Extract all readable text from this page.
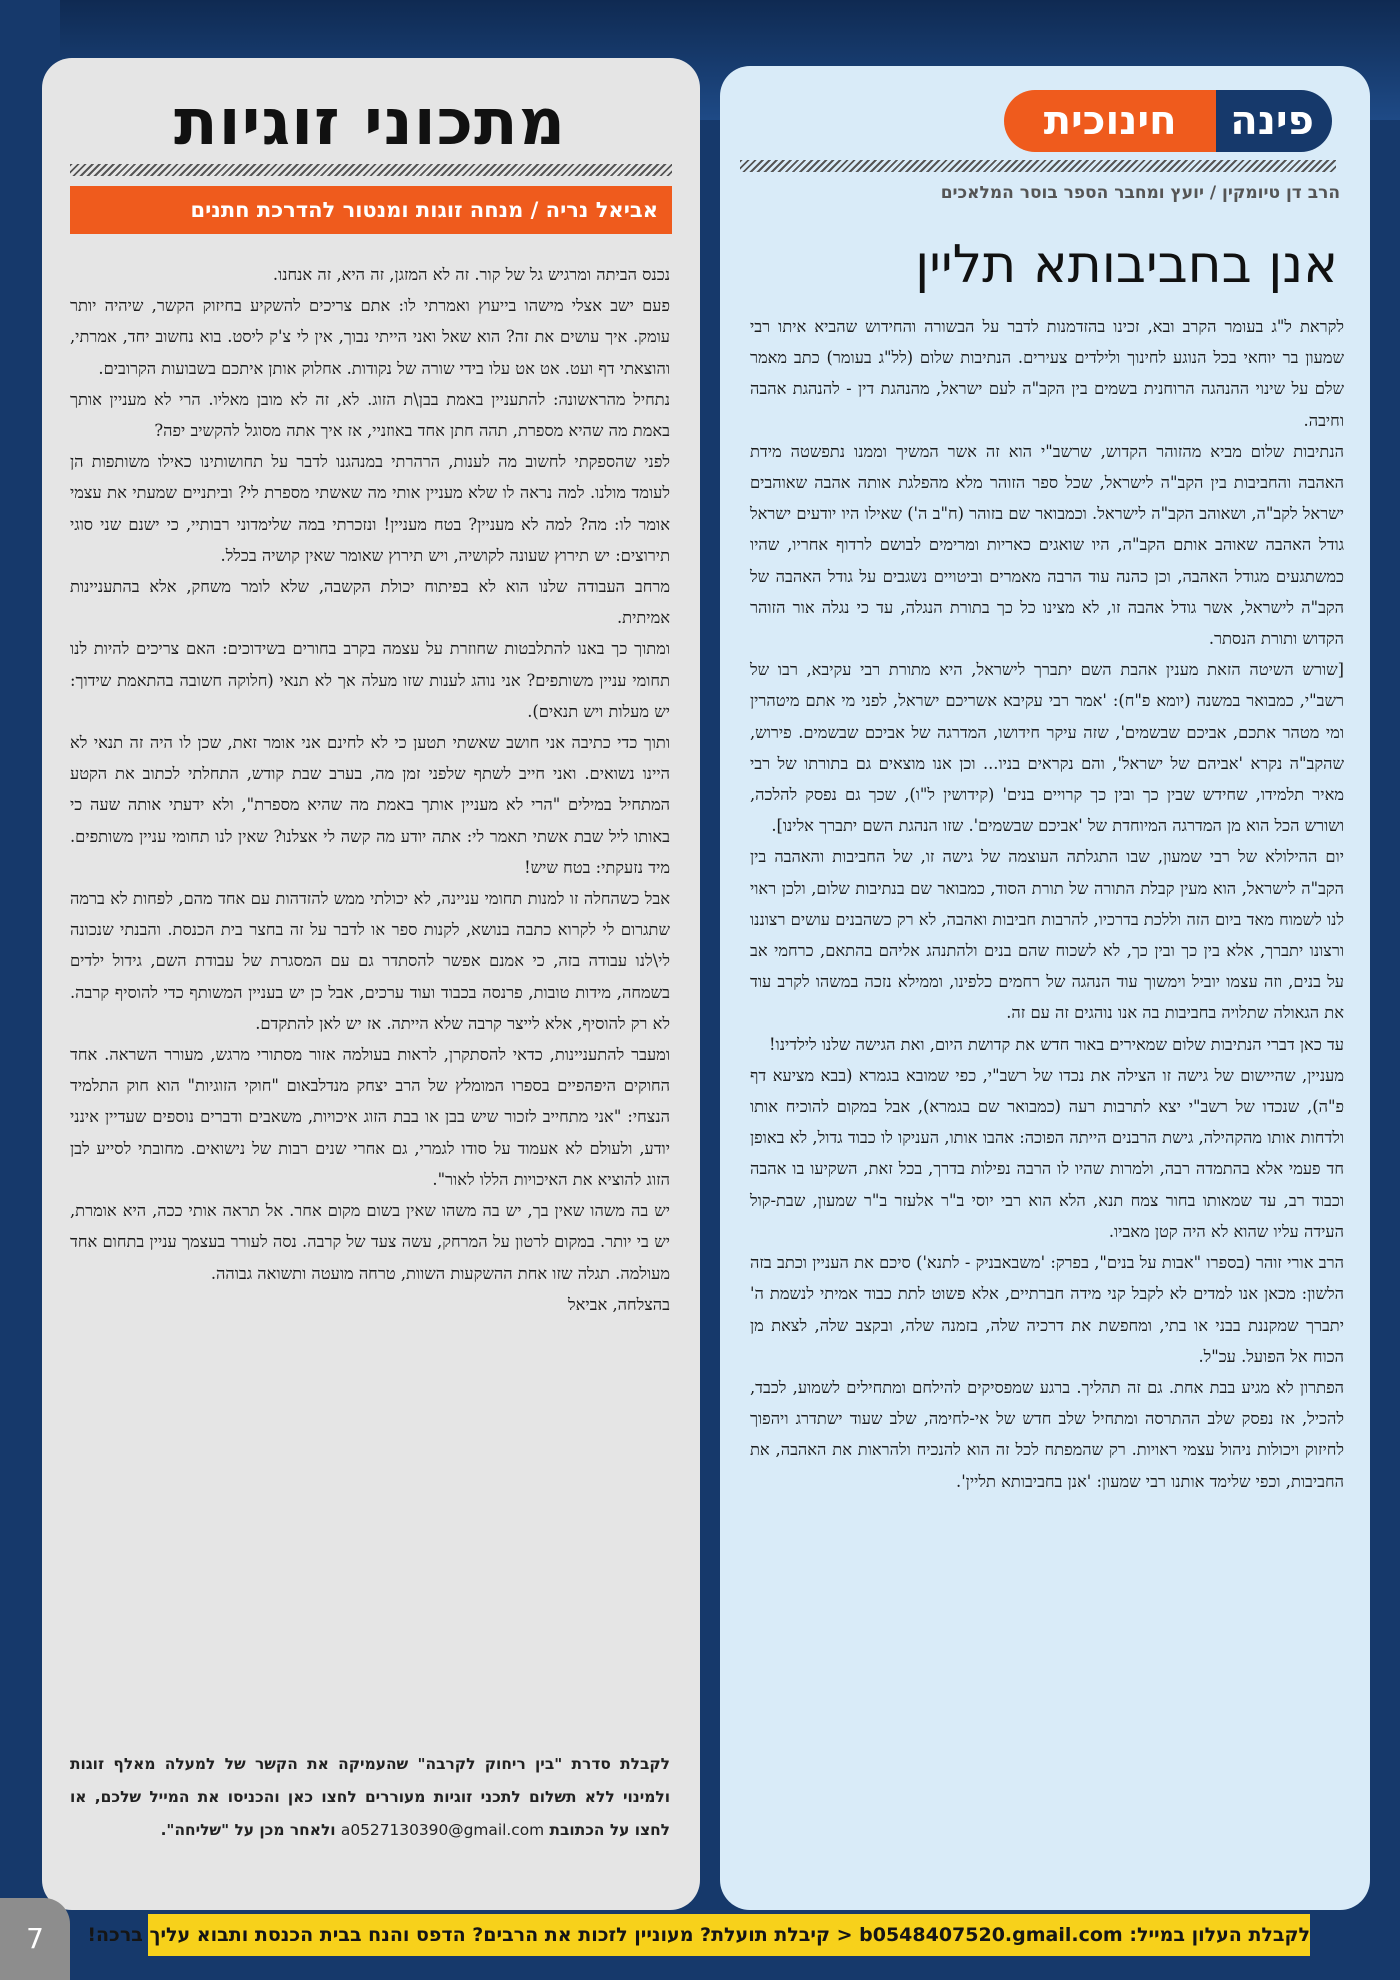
פינה
חינוכית
הרב דן טיומקין / יועץ ומחבר הספר בוסר המלאכים
אנן בחביבותא תליין

לקראת ל"ג בעומר הקרב ובא, זכינו בהזדמנות לדבר על הבשורה והחידוש שהביא איתו רבי שמעון בר יוחאי בכל הנוגע לחינוך ולילדים צעירים. הנתיבות שלום (לל"ג בעומר) כתב מאמר שלם על שינוי ההנהגה הרוחנית בשמים בין הקב"ה לעם ישראל, מהנהגת דין - להנהגת אהבה וחיבה.

הנתיבות שלום מביא מהזוהר הקדוש, שרשב"י הוא זה אשר המשיך וממנו נתפשטה מידת האהבה והחביבות בין הקב"ה לישראל, שכל ספר הזוהר מלא מהפלגת אותה אהבה שאוהבים ישראל לקב"ה, ושאוהב הקב"ה לישראל. וכמבואר שם בזוהר (ח"ב ה') שאילו היו יודעים ישראל גודל האהבה שאוהב אותם הקב"ה, היו שואגים כאריות ומרימים לבושם לרדוף אחריו, שהיו כמשתגעים מגודל האהבה, וכן כהנה עוד הרבה מאמרים וביטויים נשגבים על גודל האהבה של הקב"ה לישראל, אשר גודל אהבה זו, לא מצינו כל כך בתורת הנגלה, עד כי נגלה אור הזוהר הקדוש ותורת הנסתר.

[שורש השיטה הזאת מענין אהבת השם יתברך לישראל, היא מתורת רבי עקיבא, רבו של רשב"י, כמבואר במשנה (יומא פ"ח): 'אמר רבי עקיבא אשריכם ישראל, לפני מי אתם מיטהרין ומי מטהר אתכם, אביכם שבשמים', שזה עיקר חידושו, המדרגה של אביכם שבשמים. פירוש, שהקב"ה נקרא 'אביהם של ישראל', והם נקראים בניו... וכן אנו מוצאים גם בתורתו של רבי מאיר תלמידו, שחידש שבין כך ובין כך קרויים בנים' (קידושין ל"ו), שכך גם נפסק להלכה, ושורש הכל הוא מן המדרגה המיוחדת של 'אביכם שבשמים'. שזו הנהגת השם יתברך אלינו].

יום ההילולא של רבי שמעון, שבו התגלתה העוצמה של גישה זו, של החביבות והאהבה בין הקב"ה לישראל, הוא מעין קבלת התורה של תורת הסוד, כמבואר שם בנתיבות שלום, ולכן ראוי לנו לשמוח מאד ביום הזה וללכת בדרכיו, להרבות חביבות ואהבה, לא רק כשהבנים עושים רצוננו ורצונו יתברך, אלא בין כך ובין כך, לא לשכוח שהם בנים ולהתנהג אליהם בהתאם, כרחמי אב על בנים, וזה עצמו יוביל וימשוך עוד הנהגה של רחמים כלפינו, וממילא נזכה במשהו לקרב עוד את הגאולה שתלויה בחביבות בה אנו נוהגים זה עם זה.

עד כאן דברי הנתיבות שלום שמאירים באור חדש את קדושת היום, ואת הגישה שלנו לילדינו!

מעניין, שהיישום של גישה זו הצילה את נכדו של רשב"י, כפי שמובא בגמרא (בבא מציעא דף פ"ה), שנכדו של רשב"י יצא לתרבות רעה (כמבואר שם בגמרא), אבל במקום להוכיח אותו ולדחות אותו מהקהילה, גישת הרבנים הייתה הפוכה: אהבו אותו, העניקו לו כבוד גדול, לא באופן חד פעמי אלא בהתמדה רבה, ולמרות שהיו לו הרבה נפילות בדרך, בכל זאת, השקיעו בו אהבה וכבוד רב, עד שמאותו בחור צמח תנא, הלא הוא רבי יוסי ב"ר אלעזר ב"ר שמעון, שבת-קול העידה עליו שהוא לא היה קטן מאביו.

הרב אורי זוהר (בספרו "אבות על בנים", בפרק: 'משבאבניק - לתנא') סיכם את העניין וכתב בזה הלשון: מכאן אנו למדים לא לקבל קני מידה חברתיים, אלא פשוט לתת כבוד אמיתי לנשמת ה' יתברך שמקננת בבני או בתי, ומחפשת את דרכיה שלה, בזמנה שלה, ובקצב שלה, לצאת מן הכוח אל הפועל. עכ"ל.

הפתרון לא מגיע בבת אחת. גם זה תהליך. ברגע שמפסיקים להילחם ומתחילים לשמוע, לכבד, להכיל, אז נפסק שלב ההתרסה ומתחיל שלב חדש של אי-לחימה, שלב שעוד ישתדרג ויהפוך לחיזוק ויכולות ניהול עצמי ראויות. רק שהמפתח לכל זה הוא להנכיח ולהראות את האהבה, את החביבות, וכפי שלימד אותנו רבי שמעון: 'אנן בחביבותא תליין'.

מתכוני זוגיות
אביאל נריה / מנחה זוגות ומנטור להדרכת חתנים

נכנס הביתה ומרגיש גל של קור. זה לא המזגן, זה היא, זה אנחנו.

פעם ישב אצלי מישהו בייעוץ ואמרתי לו: אתם צריכים להשקיע בחיזוק הקשר, שיהיה יותר עומק. איך עושים את זה? הוא שאל ואני הייתי נבוך, אין לי צ'ק ליסט. בוא נחשוב יחד, אמרתי, והוצאתי דף ועט. אט אט עלו בידי שורה של נקודות. אחלוק אותן איתכם בשבועות הקרובים.

נתחיל מהראשונה: להתעניין באמת בבן\ת הזוג. לא, זה לא מובן מאליו. הרי לא מעניין אותך באמת מה שהיא מספרת, תהה חתן אחד באוזניי, אז איך אתה מסוגל להקשיב יפה?

לפני שהספקתי לחשוב מה לענות, הרהרתי במנהגנו לדבר על תחושותינו כאילו משותפות הן לעומד מולנו. למה נראה לו שלא מעניין אותי מה שאשתי מספרת לי? וביתניים שמעתי את עצמי אומר לו: מה? למה לא מעניין? בטח מעניין! ונזכרתי במה שלימדוני רבותיי, כי ישנם שני סוגי תירוצים: יש תירוץ שעונה לקושיה, ויש תירוץ שאומר שאין קושיה בכלל.

מרחב העבודה שלנו הוא לא בפיתוח יכולת הקשבה, שלא לומר משחק, אלא בהתעניינות אמיתית.

ומתוך כך באנו להתלבטות שחוזרת על עצמה בקרב בחורים בשידוכים: האם צריכים להיות לנו תחומי עניין משותפים? אני נוהג לענות שזו מעלה אך לא תנאי (חלוקה חשובה בהתאמת שידוך: יש מעלות ויש תנאים).

ותוך כדי כתיבה אני חושב שאשתי תטען כי לא לחינם אני אומר זאת, שכן לו היה זה תנאי לא היינו נשואים. ואני חייב לשתף שלפני זמן מה, בערב שבת קודש, התחלתי לכתוב את הקטע המתחיל במילים "הרי לא מעניין אותך באמת מה שהיא מספרת", ולא ידעתי אותה שעה כי באותו ליל שבת אשתי תאמר לי: אתה יודע מה קשה לי אצלנו? שאין לנו תחומי עניין משותפים. מיד נזעקתי: בטח שיש!

אבל כשהחלה זו למנות תחומי עניינה, לא יכולתי ממש להזדהות עם אחד מהם, לפחות לא ברמה שתגרום לי לקרוא כתבה בנושא, לקנות ספר או לדבר על זה בחצר בית הכנסת. והבנתי שנכונה לי\לנו עבודה בזה, כי אמנם אפשר להסתדר גם עם המסגרת של עבודת השם, גידול ילדים בשמחה, מידות טובות, פרנסה בכבוד ועוד ערכים, אבל כן יש בעניין המשותף כדי להוסיף קרבה. לא רק להוסיף, אלא לייצר קרבה שלא הייתה. אז יש לאן להתקדם.

ומעבר להתעניינות, כדאי להסתקרן, לראות בעולמה אזור מסתורי מרגש, מעורר השראה. אחד החוקים היפהפיים בספרו המומלץ של הרב יצחק מנדלבאום "חוקי הזוגיות" הוא חוק התלמיד הנצחי: "אני מתחייב לזכור שיש בבן או בבת הזוג איכויות, משאבים ודברים נוספים שעדיין אינני יודע, ולעולם לא אעמוד על סודו לגמרי, גם אחרי שנים רבות של נישואים. מחובתי לסייע לבן הזוג להוציא את האיכויות הללו לאור".

יש בה משהו שאין בך, יש בה משהו שאין בשום מקום אחר. אל תראה אותי ככה, היא אומרת, יש בי יותר. במקום לרטון על המרחק, עשה צעד של קרבה. נסה לעורר בעצמך עניין בתחום אחד מעולמה. תגלה שזו אחת ההשקעות השוות, טרחה מועטה ותשואה גבוהה.

בהצלחה, אביאל

לקבלת סדרת "בין ריחוק לקרבה" שהעמיקה את הקשר של למעלה מאלף זוגות ולמינוי ללא תשלום לתכני זוגיות מעוררים לחצו כאן והכניסו את המייל שלכם, או לחצו על הכתובת a0527130390@gmail.com ולאחר מכן על "שליחה".
7	לקבלת העלון במייל: b0548407520.gmail.com < קיבלת תועלת? מעוניין לזכות את הרבים? הדפס והנח בבית הכנסת ותבוא עליך ברכה!
